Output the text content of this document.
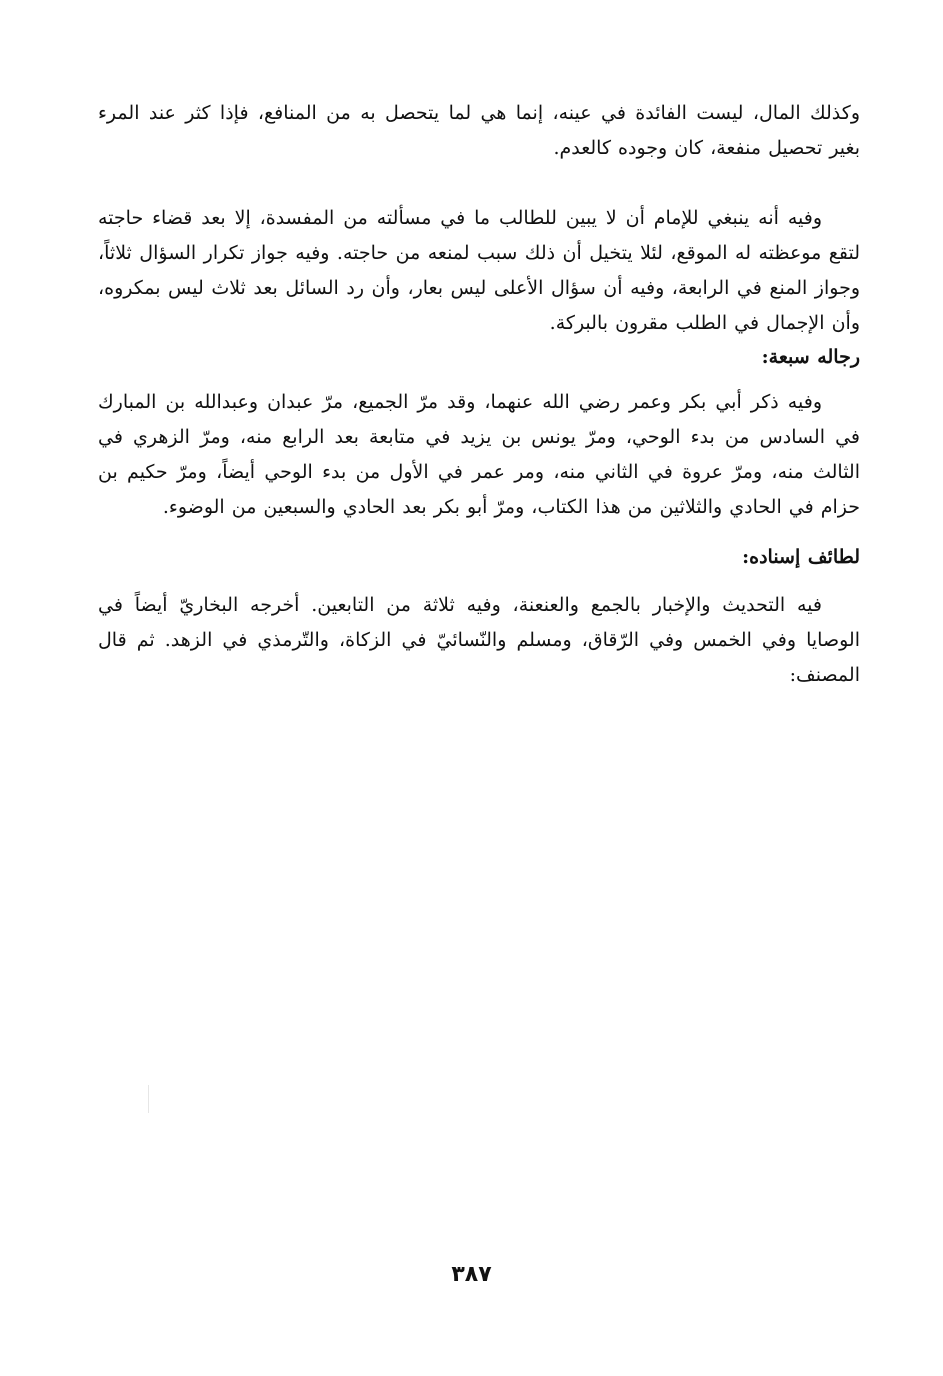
وكذلك المال، ليست الفائدة في عينه، إنما هي لما يتحصل به من المنافع، فإذا كثر عند المرء بغير تحصيل منفعة، كان وجوده كالعدم.
وفيه أنه ينبغي للإمام أن لا يبين للطالب ما في مسألته من المفسدة، إلا بعد قضاء حاجته لتقع موعظته له الموقع، لئلا يتخيل أن ذلك سبب لمنعه من حاجته. وفيه جواز تكرار السؤال ثلاثاً، وجواز المنع في الرابعة، وفيه أن سؤال الأعلى ليس بعار، وأن رد السائل بعد ثلاث ليس بمكروه، وأن الإجمال في الطلب مقرون بالبركة.
رجاله سبعة:
وفيه ذكر أبي بكر وعمر رضي الله عنهما، وقد مرّ الجميع، مرّ عبدان وعبدالله بن المبارك في السادس من بدء الوحي، ومرّ يونس بن يزيد في متابعة بعد الرابع منه، ومرّ الزهري في الثالث منه، ومرّ عروة في الثاني منه، ومر عمر في الأول من بدء الوحي أيضاً، ومرّ حكيم بن حزام في الحادي والثلاثين من هذا الكتاب، ومرّ أبو بكر بعد الحادي والسبعين من الوضوء.
لطائف إسناده:
فيه التحديث والإخبار بالجمع والعنعنة، وفيه ثلاثة من التابعين. أخرجه البخاريّ أيضاً في الوصايا وفي الخمس وفي الرّقاق، ومسلم والنّسائيّ في الزكاة، والتّرمذي في الزهد. ثم قال المصنف:
٣٨٧
